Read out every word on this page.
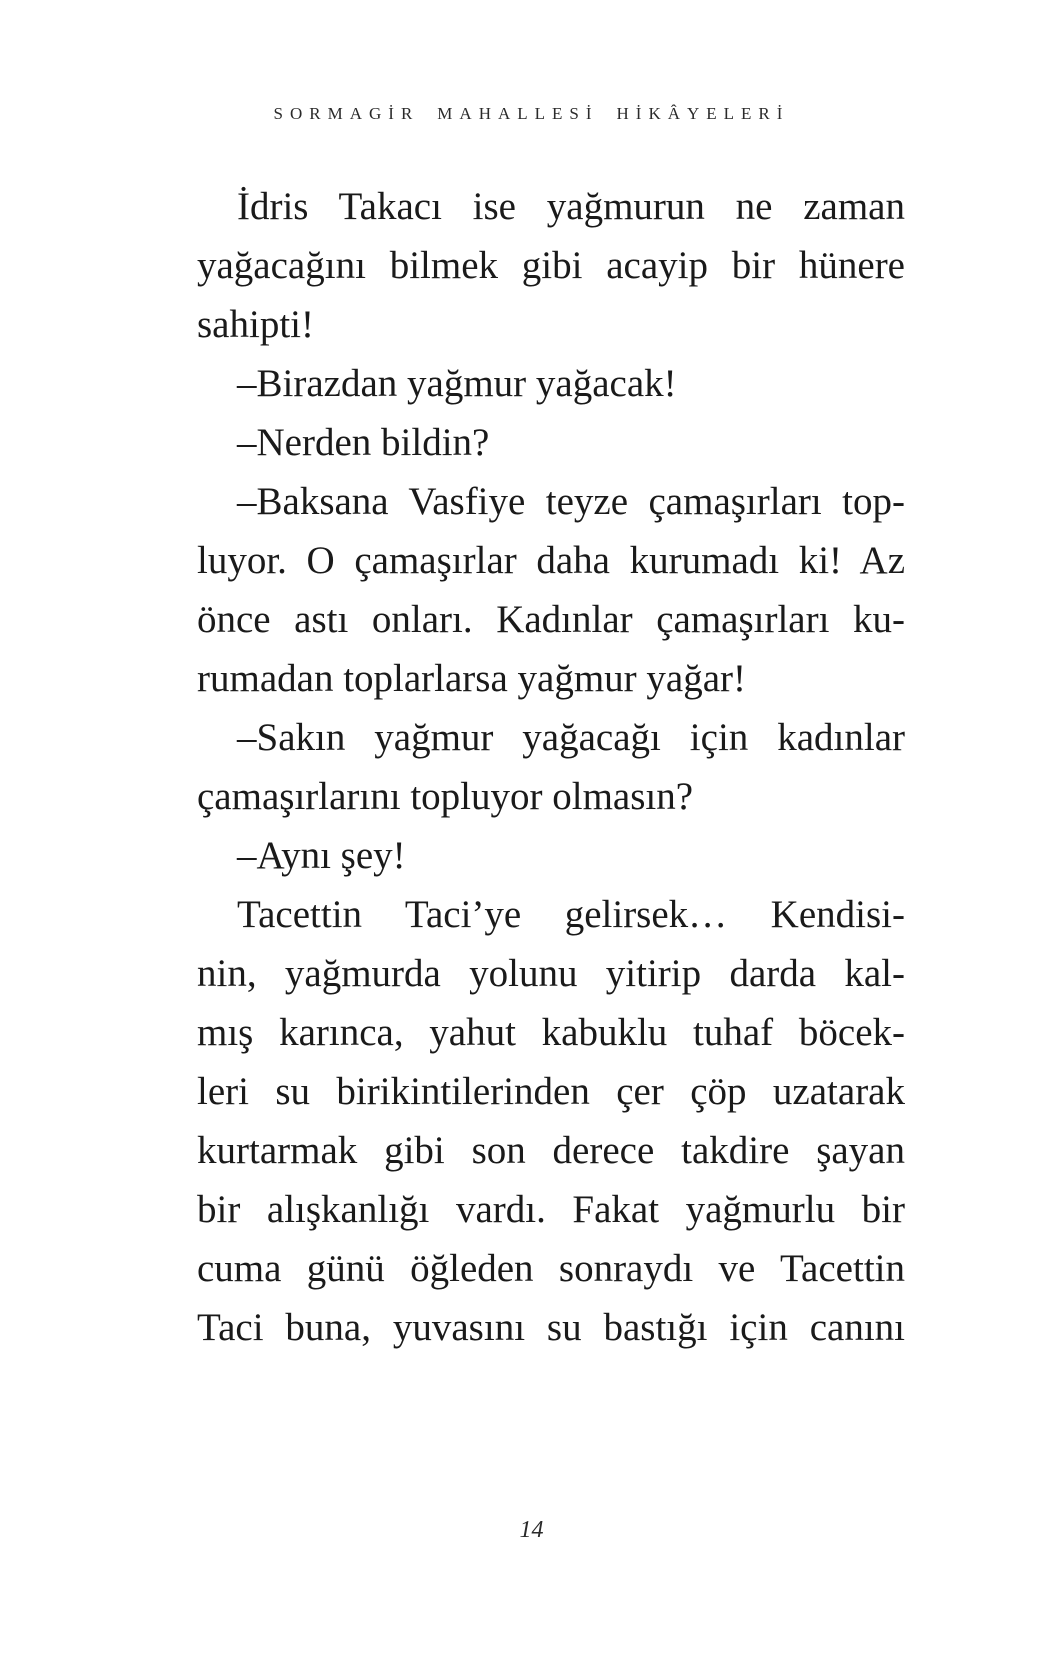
SORMAGİR MAHALLESİ HİKÂYELERİ
İdris Takacı ise yağmurun ne zaman
yağacağını bilmek gibi acayip bir hünere
sahipti!
–Birazdan yağmur yağacak!
–Nerden bildin?
–Baksana Vasfiye teyze çamaşırları top-
luyor. O çamaşırlar daha kurumadı ki! Az
önce astı onları. Kadınlar çamaşırları ku-
rumadan toplarlarsa yağmur yağar!
–Sakın yağmur yağacağı için kadınlar
çamaşırlarını topluyor olmasın?
–Aynı şey!
Tacettin Taci’ye gelirsek… Kendisi-
nin, yağmurda yolunu yitirip darda kal-
mış karınca, yahut kabuklu tuhaf böcek-
leri su birikintilerinden çer çöp uzatarak
kurtarmak gibi son derece takdire şayan
bir alışkanlığı vardı. Fakat yağmurlu bir
cuma günü öğleden sonraydı ve Tacettin
Taci buna, yuvasını su bastığı için canını
14
